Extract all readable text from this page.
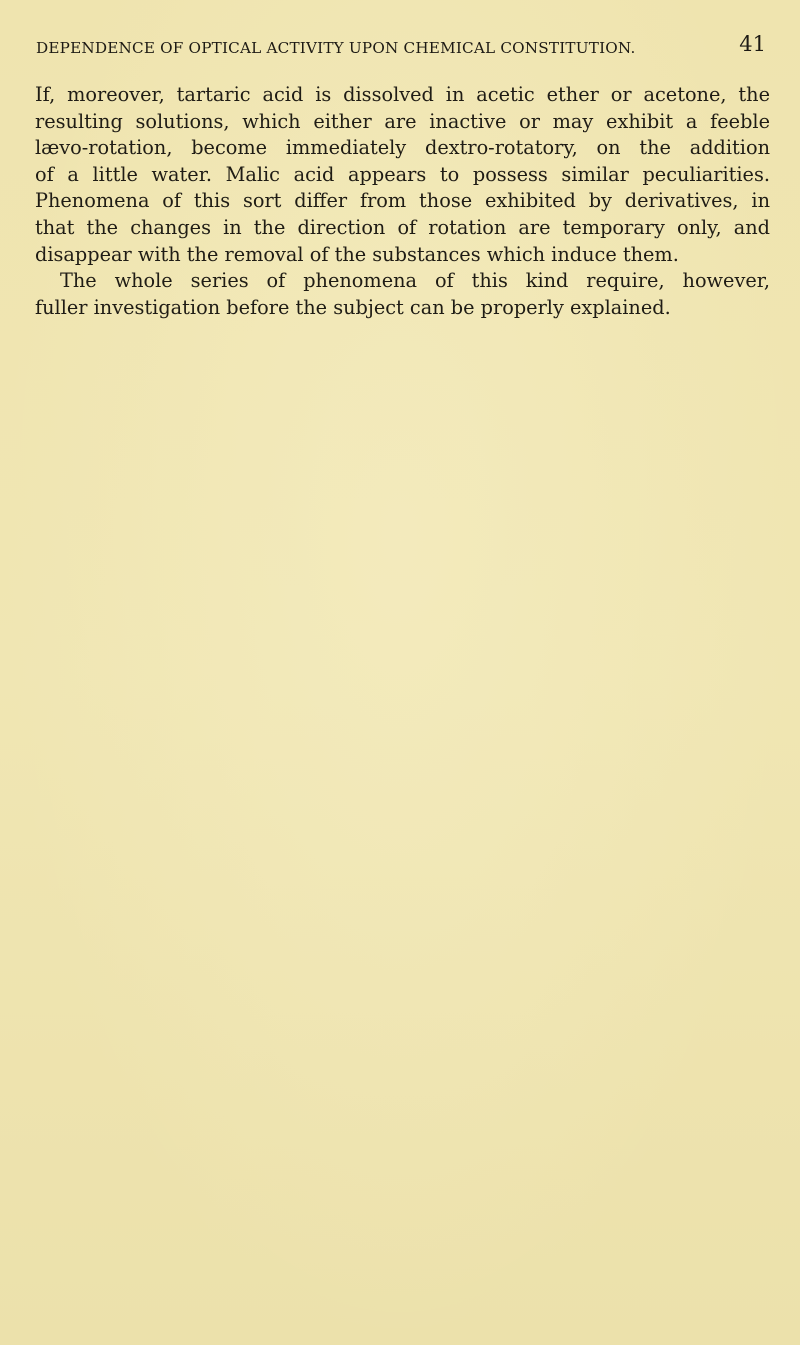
DEPENDENCE OF OPTICAL ACTIVITY UPON CHEMICAL CONSTITUTION.	41
If, moreover, tartaric acid is dissolved in acetic ether or acetone, the
resulting solutions, which either are inactive or may exhibit a feeble
lævo-rotation, become immediately dextro-rotatory, on the addition
of a little water. Malic acid appears to possess similar peculiarities.
Phenomena of this sort differ from those exhibited by derivatives, in
that the changes in the direction of rotation are temporary only, and
disappear with the removal of the substances which induce them.
The whole series of phenomena of this kind require, however,
fuller investigation before the subject can be properly explained.
